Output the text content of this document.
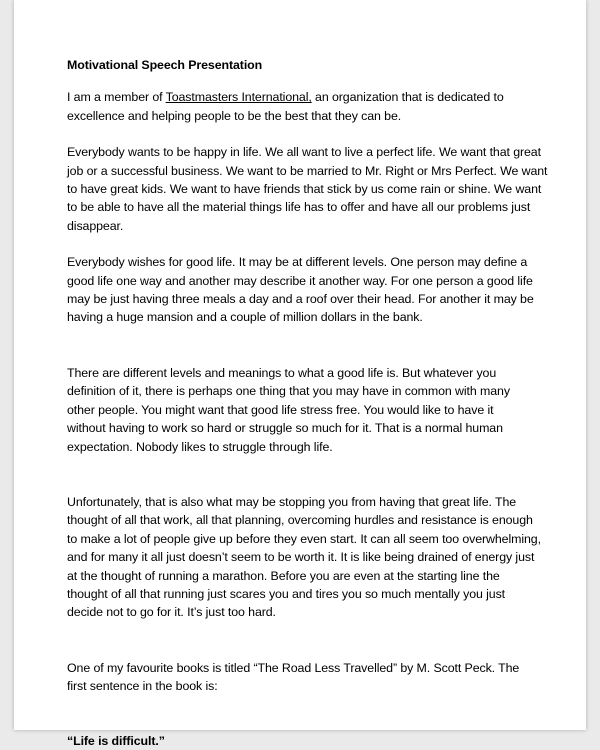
Motivational Speech Presentation

I am a member of Toastmasters International, an organization that is dedicated to excellence and helping people to be the best that they can be.

Everybody wants to be happy in life. We all want to live a perfect life. We want that great job or a successful business. We want to be married to Mr. Right or Mrs Perfect. We want to have great kids. We want to have friends that stick by us come rain or shine. We want to be able to have all the material things life has to offer and have all our problems just disappear.

Everybody wishes for good life. It may be at different levels. One person may define a good life one way and another may describe it another way. For one person a good life may be just having three meals a day and a roof over their head. For another it may be having a huge mansion and a couple of million dollars in the bank.

There are different levels and meanings to what a good life is. But whatever you definition of it, there is perhaps one thing that you may have in common with many other people. You might want that good life stress free. You would like to have it without having to work so hard or struggle so much for it. That is a normal human expectation. Nobody likes to struggle through life.

Unfortunately, that is also what may be stopping you from having that great life. The thought of all that work, all that planning, overcoming hurdles and resistance is enough to make a lot of people give up before they even start. It can all seem too overwhelming, and for many it all just doesn’t seem to be worth it. It is like being drained of energy just at the thought of running a marathon. Before you are even at the starting line the thought of all that running just scares you and tires you so much mentally you just decide not to go for it. It’s just too hard.

One of my favourite books is titled “The Road Less Travelled” by M. Scott Peck. The first sentence in the book is:

“Life is difficult.”
